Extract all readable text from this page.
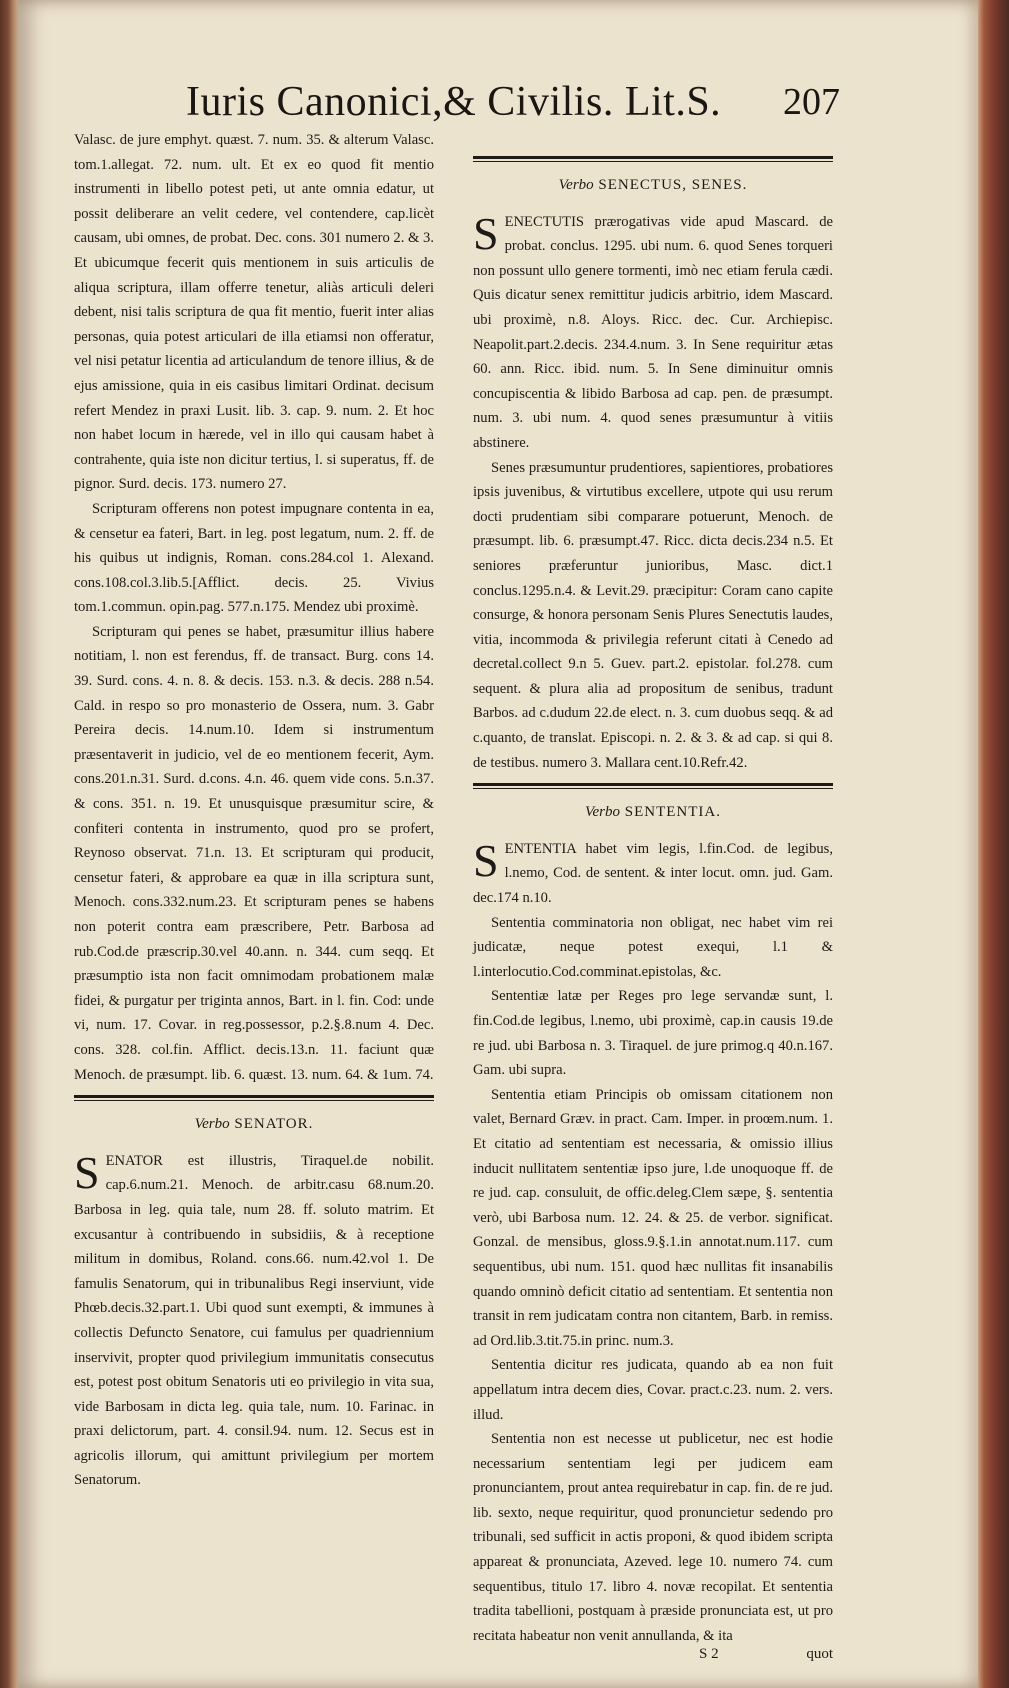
Iuris Canonici,& Civilis. Lit.S. 207

Valasc. de jure emphyt. quæst. 7. num. 35. & alterum Valasc. tom.1.allegat. 72. num. ult. Et ex eo quod fit mentio instrumenti in libello potest peti, ut ante omnia edatur, ut possit deliberare an velit cedere, vel contendere, cap.licèt causam, ubi omnes, de probat. Dec. cons. 301 numero 2. & 3. Et ubicumque fecerit quis mentionem in suis articulis de aliqua scriptura, illam offerre tenetur, aliàs articuli deleri debent, nisi talis scriptura de qua fit mentio, fuerit inter alias personas, quia potest articulari de illa etiamsi non offeratur, vel nisi petatur licentia ad articulandum de tenore illius, & de ejus amissione, quia in eis casibus limitari Ordinat. decisum refert Mendez in praxi Lusit. lib. 3. cap. 9. num. 2. Et hoc non habet locum in hærede, vel in illo qui causam habet à contrahente, quia iste non dicitur tertius, l. si superatus, ff. de pignor. Surd. decis. 173. numero 27.

Scripturam offerens non potest impugnare contenta in ea, & censetur ea fateri, Bart. in leg. post legatum, num. 2. ff. de his quibus ut indignis, Roman. cons.284.col 1. Alexand. cons.108.col.3.lib.5.[Afflict. decis. 25. Vivius tom.1.commun. opin.pag. 577.n.175. Mendez ubi proximè.

Scripturam qui penes se habet, præsumitur illius habere notitiam, l. non est ferendus, ff. de transact. Burg. cons 14. 39. Surd. cons. 4. n. 8. & decis. 153. n.3. & decis. 288 n.54. Cald. in respo so pro monasterio de Ossera, num. 3. Gabr Pereira decis. 14.num.10. Idem si instrumentum præsentaverit in judicio, vel de eo mentionem fecerit, Aym. cons.201.n.31. Surd. d.cons. 4.n. 46. quem vide cons. 5.n.37. & cons. 351. n. 19. Et unusquisque præsumitur scire, & confiteri contenta in instrumento, quod pro se profert, Reynoso observat. 71.n. 13. Et scripturam qui producit, censetur fateri, & approbare ea quæ in illa scriptura sunt, Menoch. cons.332.num.23. Et scripturam penes se habens non poterit contra eam præscribere, Petr. Barbosa ad rub.Cod.de præscrip.30.vel 40.ann. n. 344. cum seqq. Et præsumptio ista non facit omnimodam probationem malæ fidei, & purgatur per triginta annos, Bart. in l. fin. Cod: unde vi, num. 17. Covar. in reg.possessor, p.2.§.8.num 4. Dec. cons. 328. col.fin. Afflict. decis.13.n. 11. faciunt quæ Menoch. de præsumpt. lib. 6. quæst. 13. num. 64. & 1um. 74.

Verbo SENATOR.

SENATOR est illustris, Tiraquel.de nobilit. cap.6.num.21. Menoch. de arbitr.casu 68.num.20. Barbosa in leg. quia tale, num 28. ff. soluto matrim. Et excusantur à contribuendo in subsidiis, & à receptione militum in domibus, Roland. cons.66. num.42.vol 1. De famulis Senatorum, qui in tribunalibus Regi inserviunt, vide Phœb.decis.32.part.1. Ubi quod sunt exempti, & immunes à collectis Defuncto Senatore, cui famulus per quadriennium inservivit, propter quod privilegium immunitatis consecutus est, potest post obitum Senatoris uti eo privilegio in vita sua, vide Barbosam in dicta leg. quia tale, num. 10. Farinac. in praxi delictorum, part. 4. consil.94. num. 12. Secus est in agricolis illorum, qui amittunt privilegium per mortem Senatorum.

Verbo SENECTUS, SENES.

SENECTUTIS prærogativas vide apud Mascard. de probat. conclus. 1295. ubi num. 6. quod Senes torqueri non possunt ullo genere tormenti, imò nec etiam ferula cædi. Quis dicatur senex remittitur judicis arbitrio, idem Mascard. ubi proximè, n.8. Aloys. Ricc. dec. Cur. Archiepisc. Neapolit.part.2.decis. 234.4.num. 3. In Sene requiritur ætas 60. ann. Ricc. ibid. num. 5. In Sene diminuitur omnis concupiscentia & libido Barbosa ad cap. pen. de præsumpt. num. 3. ubi num. 4. quod senes præsumuntur à vitiis abstinere.

Senes præsumuntur prudentiores, sapientiores, probatiores ipsis juvenibus, & virtutibus excellere, utpote qui usu rerum docti prudentiam sibi comparare potuerunt, Menoch. de præsumpt. lib. 6. præsumpt.47. Ricc. dicta decis.234 n.5. Et seniores præferuntur junioribus, Masc. dict.1 conclus.1295.n.4. & Levit.29. præcipitur: Coram cano capite consurge, & honora personam Senis Plures Senectutis laudes, vitia, incommoda & privilegia referunt citati à Cenedo ad decretal.collect 9.n 5. Guev. part.2. epistolar. fol.278. cum sequent. & plura alia ad propositum de senibus, tradunt Barbos. ad c.dudum 22.de elect. n. 3. cum duobus seqq. & ad c.quanto, de translat. Episcopi. n. 2. & 3. & ad cap. si qui 8. de testibus. numero 3. Mallara cent.10.Refr.42.

Verbo SENTENTIA.

SENTENTIA habet vim legis, l.fin.Cod. de legibus, l.nemo, Cod. de sentent. & inter locut. omn. jud. Gam. dec.174 n.10.

Sententia comminatoria non obligat, nec habet vim rei judicatæ, neque potest exequi, l.1 & l.interlocutio.Cod.comminat.epistolas, &c.

Sententiæ latæ per Reges pro lege servandæ sunt, l. fin.Cod.de legibus, l.nemo, ubi proximè, cap.in causis 19.de re jud. ubi Barbosa n. 3. Tiraquel. de jure primog.q 40.n.167. Gam. ubi supra.

Sententia etiam Principis ob omissam citationem non valet, Bernard Græv. in pract. Cam. Imper. in proœm.num. 1. Et citatio ad sententiam est necessaria, & omissio illius inducit nullitatem sententiæ ipso jure, l.de unoquoque ff. de re jud. cap. consuluit, de offic.deleg.Clem sæpe, §. sententia verò, ubi Barbosa num. 12. 24. & 25. de verbor. significat. Gonzal. de mensibus, gloss.9.§.1.in annotat.num.117. cum sequentibus, ubi num. 151. quod hæc nullitas fit insanabilis quando omninò deficit citatio ad sententiam. Et sententia non transit in rem judicatam contra non citantem, Barb. in remiss. ad Ord.lib.3.tit.75.in princ. num.3.

Sententia dicitur res judicata, quando ab ea non fuit appellatum intra decem dies, Covar. pract.c.23. num. 2. vers. illud.

Sententia non est necesse ut publicetur, nec est hodie necessarium sententiam legi per judicem eam pronunciantem, prout antea requirebatur in cap. fin. de re jud. lib. sexto, neque requiritur, quod pronuncietur sedendo pro tribunali, sed sufficit in actis proponi, & quod ibidem scripta appareat & pronunciata, Azeved. lege 10. numero 74. cum sequentibus, titulo 17. libro 4. novæ recopilat. Et sententia tradita tabellioni, postquam à præside pronunciata est, ut pro recitata habeatur non venit annullanda, & ita

S 2	quot
